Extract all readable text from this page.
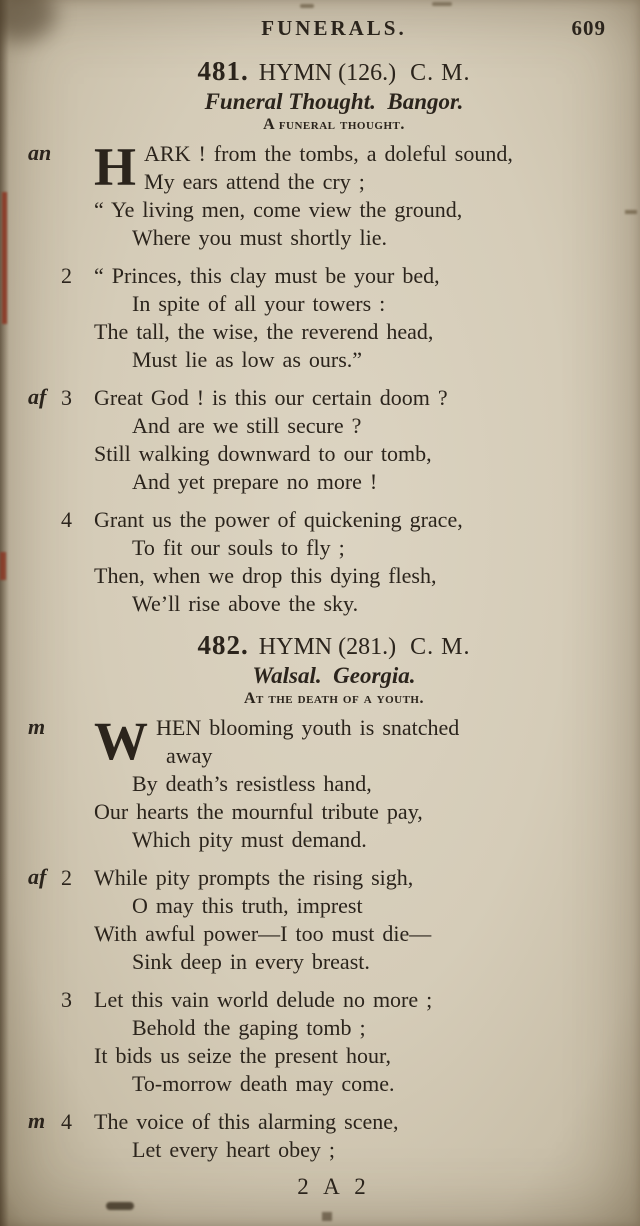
FUNERALS.	609
481. HYMN (126.) C. M.
Funeral Thought. Bangor.
A funeral thought.
an H ARK ! from the tombs, a doleful sound,
My ears attend the cry ;
“ Ye living men, come view the ground,
Where you must shortly lie.
2 “ Princes, this clay must be your bed,
In spite of all your towers :
The tall, the wise, the reverend head,
Must lie as low as ours.”
af 3 Great God ! is this our certain doom ?
And are we still secure ?
Still walking downward to our tomb,
And yet prepare no more !
4 Grant us the power of quickening grace,
To fit our souls to fly ;
Then, when we drop this dying flesh,
We’ll rise above the sky.
482. HYMN (281.) C. M.
Walsal. Georgia.
At the death of a youth.
m W HEN blooming youth is snatched
away
By death’s resistless hand,
Our hearts the mournful tribute pay,
Which pity must demand.
af 2 While pity prompts the rising sigh,
O may this truth, imprest
With awful power—I too must die—
Sink deep in every breast.
3 Let this vain world delude no more ;
Behold the gaping tomb ;
It bids us seize the present hour,
To-morrow death may come.
m 4 The voice of this alarming scene,
Let every heart obey ;
2 A 2
